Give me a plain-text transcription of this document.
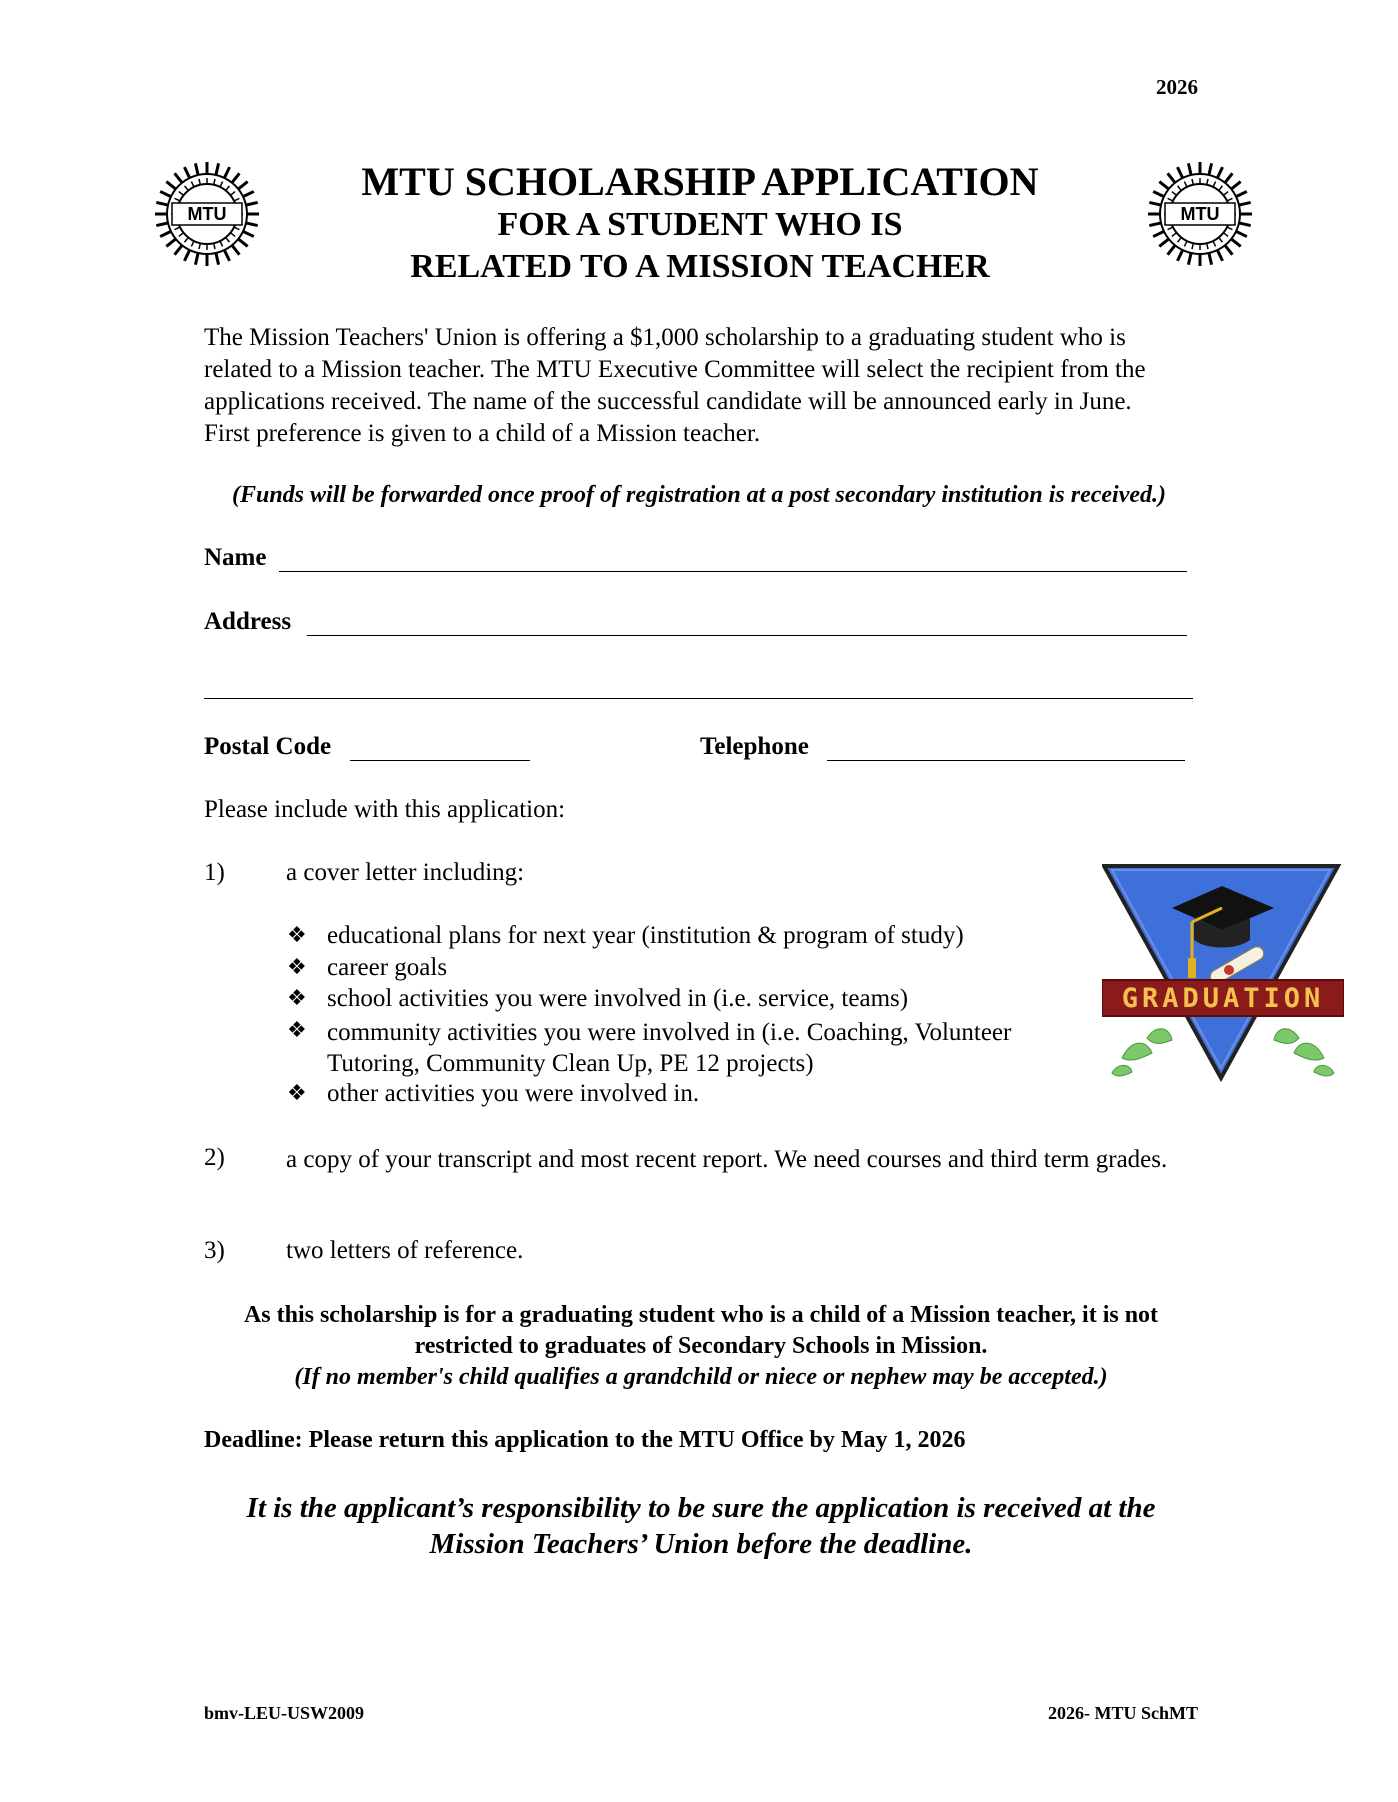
2026
MTU	MTU
MTU SCHOLARSHIP APPLICATION
FOR A STUDENT WHO IS
RELATED TO A MISSION TEACHER
The Mission Teachers' Union is offering a $1,000 scholarship to a graduating student who is related to a Mission teacher. The MTU Executive Committee will select the recipient from the applications received. The name of the successful candidate will be announced early in June. First preference is given to a child of a Mission teacher.
(Funds will be forwarded once proof of registration at a post secondary institution is received.)
Name
Address
Postal Code	Telephone
Please include with this application:
1) a cover letter including:
❖ educational plans for next year (institution & program of study)
❖ career goals
❖ school activities you were involved in (i.e. service, teams)
❖ community activities you were involved in (i.e. Coaching, Volunteer Tutoring, Community Clean Up, PE 12 projects)
❖ other activities you were involved in.
2) a copy of your transcript and most recent report. We need courses and third term grades.
3) two letters of reference.
GRADUATION
As this scholarship is for a graduating student who is a child of a Mission teacher, it is not restricted to graduates of Secondary Schools in Mission.
(If no member's child qualifies a grandchild or niece or nephew may be accepted.)
Deadline: Please return this application to the MTU Office by May 1, 2026
It is the applicant’s responsibility to be sure the application is received at the Mission Teachers’ Union before the deadline.
bmv-LEU-USW2009	2026- MTU SchMT
